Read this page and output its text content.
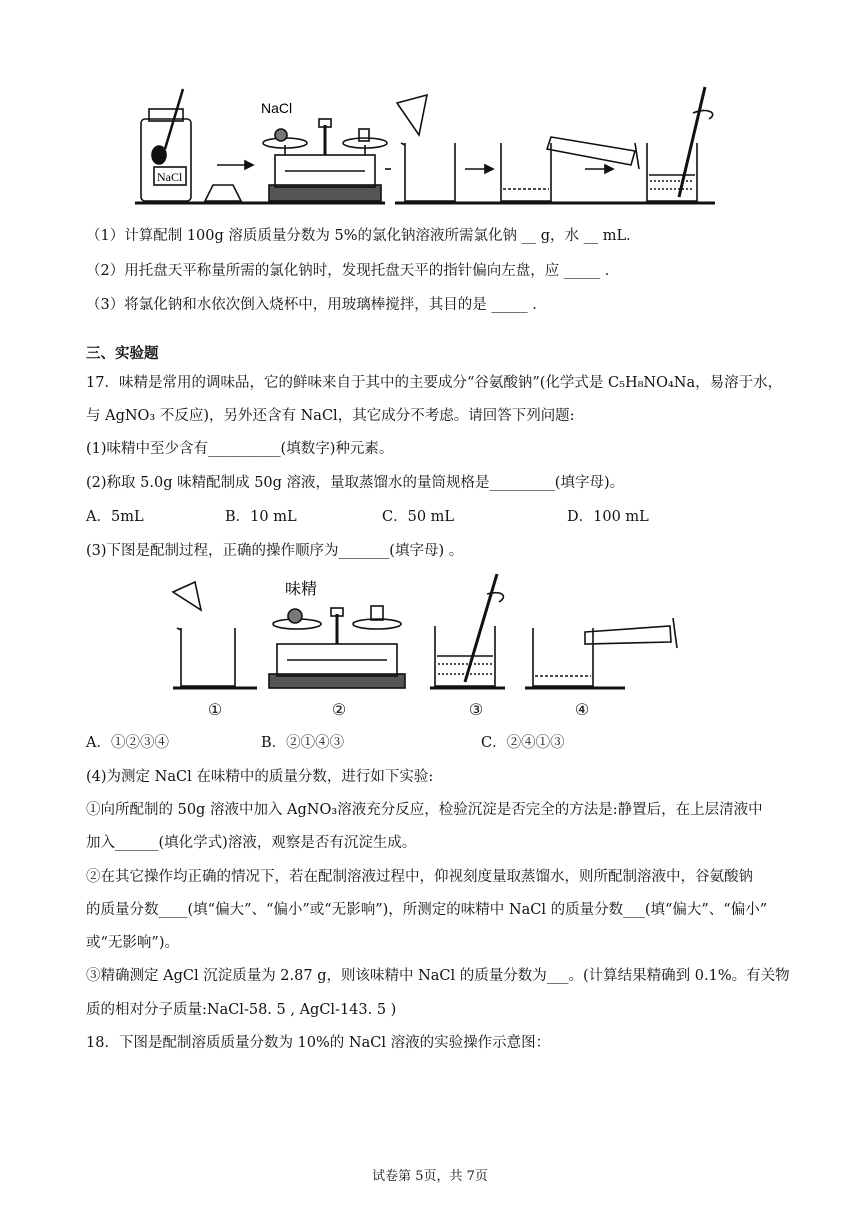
NaCl
NaCl
（1）计算配制 100g 溶质质量分数为 5%的氯化钠溶液所需氯化钠 __ g，水 __ mL．
（2）用托盘天平称量所需的氯化钠时，发现托盘天平的指针偏向左盘，应 _____ ．
（3）将氯化钠和水依次倒入烧杯中，用玻璃棒搅拌，其目的是 _____ ．
三、实验题
17．味精是常用的调味品，它的鲜味来自于其中的主要成分“谷氨酸钠”(化学式是 C₅H₈NO₄Na，易溶于水，
与 AgNO₃ 不反应)，另外还含有 NaCl，其它成分不考虑。请回答下列问题:
(1)味精中至少含有__________(填数字)种元素。
(2)称取 5.0g 味精配制成 50g 溶液，量取蒸馏水的量筒规格是_________(填字母)。
A．5mL	B．10 mL	C．50 mL	D．100 mL
(3)下图是配制过程，正确的操作顺序为_______(填字母) 。
味精
①	②	③	④
A．①②③④	B．②①④③	C．②④①③
(4)为测定 NaCl 在味精中的质量分数，进行如下实验:
①向所配制的 50g 溶液中加入 AgNO₃溶液充分反应，检验沉淀是否完全的方法是:静置后，在上层清液中
加入______(填化学式)溶液，观察是否有沉淀生成。
②在其它操作均正确的情况下，若在配制溶液过程中，仰视刻度量取蒸馏水，则所配制溶液中，谷氨酸钠
的质量分数____(填“偏大”、“偏小”或“无影响”)，所测定的味精中 NaCl 的质量分数___(填“偏大”、“偏小”
或“无影响”)。
③精确测定 AgCl 沉淀质量为 2.87 g，则该味精中 NaCl 的质量分数为___。(计算结果精确到 0.1%。有关物
质的相对分子质量:NaCl-58. 5 , AgCl-143. 5 )
18．下图是配制溶质质量分数为 10%的 NaCl 溶液的实验操作示意图：
试卷第 5页，共 7页
